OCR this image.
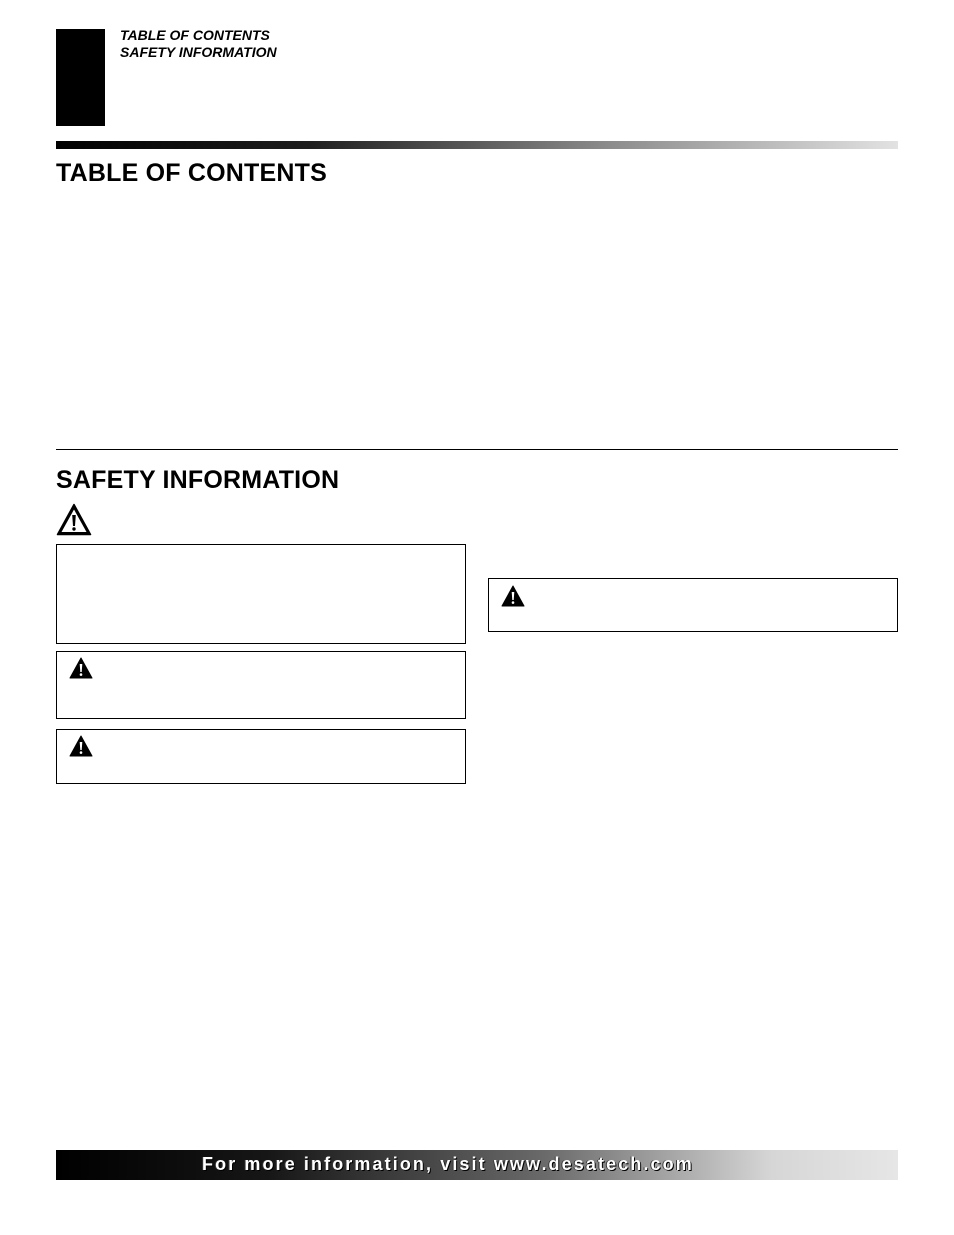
TABLE OF CONTENTS
SAFETY INFORMATION
TABLE OF CONTENTS
SAFETY INFORMATION
For more information, visit www.desatech.com
